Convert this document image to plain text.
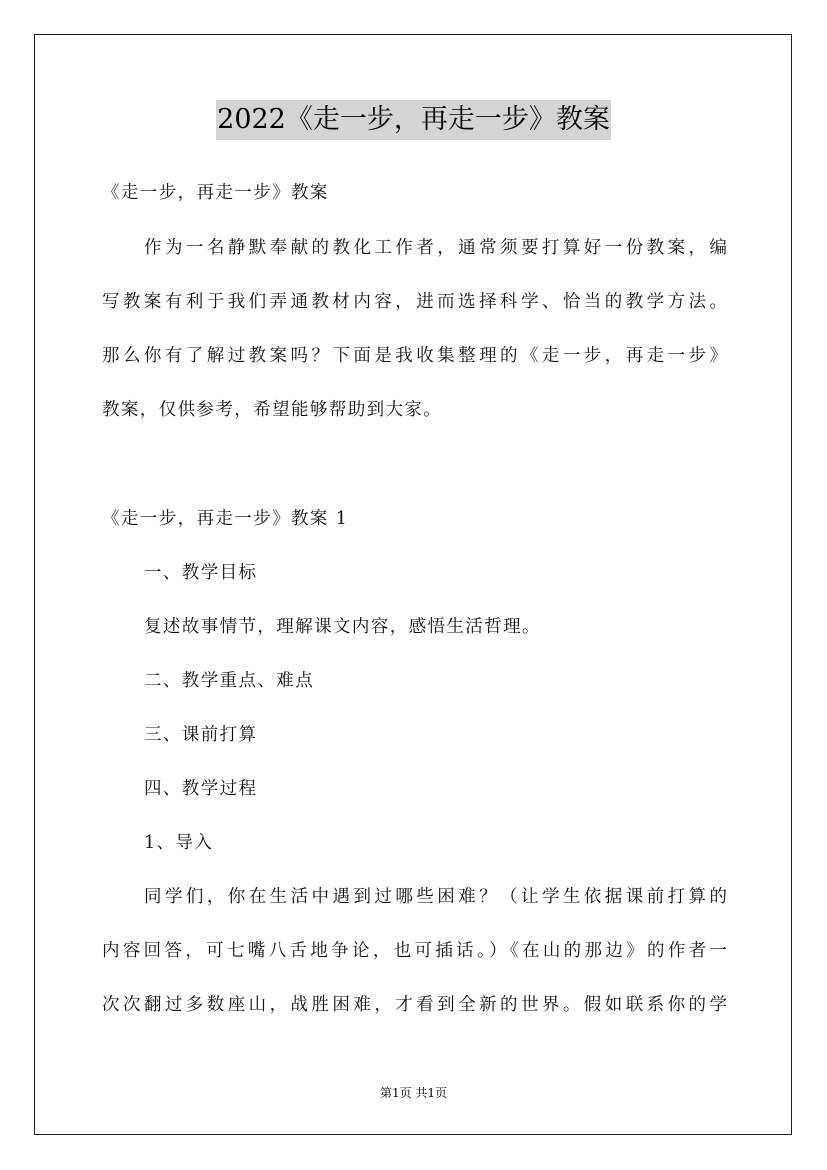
2022《走一步，再走一步》教案
《走一步，再走一步》教案
作为一名静默奉献的教化工作者，通常须要打算好一份教案，编
写教案有利于我们弄通教材内容，进而选择科学、恰当的教学方法。
那么你有了解过教案吗？下面是我收集整理的《走一步，再走一步》
教案，仅供参考，希望能够帮助到大家。
《走一步，再走一步》教案 1
一、教学目标
复述故事情节，理解课文内容，感悟生活哲理。
二、教学重点、难点
三、课前打算
四、教学过程
1、导入
同学们，你在生活中遇到过哪些困难？（让学生依据课前打算的
内容回答，可七嘴八舌地争论，也可插话。）《在山的那边》的作者一
次次翻过多数座山，战胜困难，才看到全新的世界。假如联系你的学
第1页 共1页
